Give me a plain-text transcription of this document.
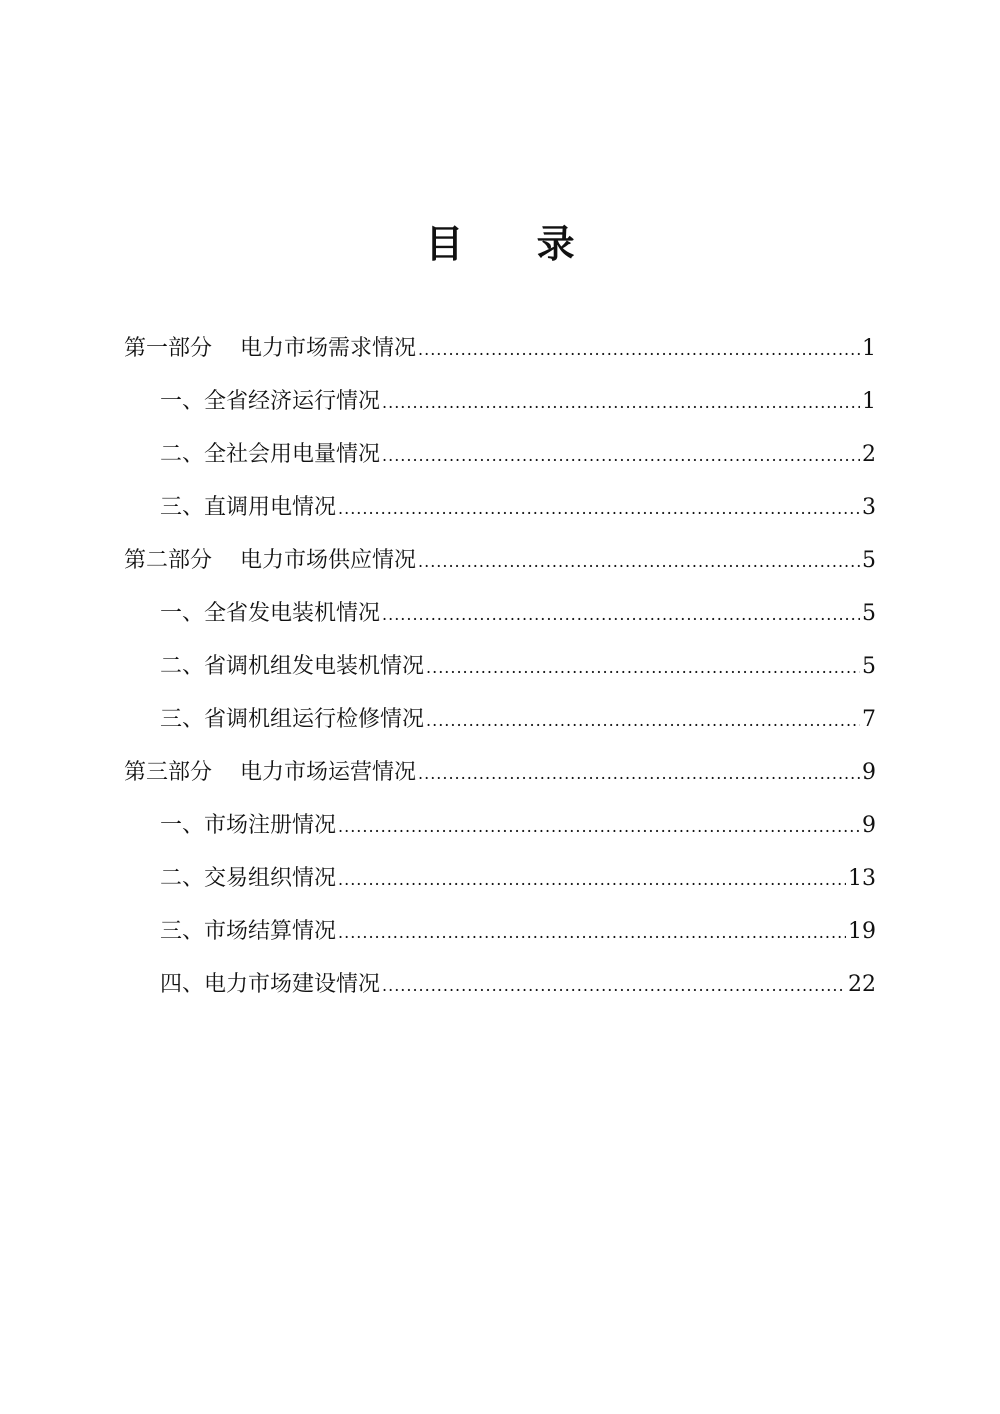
目 录
第一部分 电力市场需求情况 .....	1
一、全省经济运行情况 .....	1
二、全社会用电量情况 .....	2
三、直调用电情况 .....	3
第二部分 电力市场供应情况 .....	5
一、全省发电装机情况 .....	5
二、省调机组发电装机情况 .....	5
三、省调机组运行检修情况 .....	7
第三部分 电力市场运营情况 .....	9
一、市场注册情况 .....	9
二、交易组织情况 .....	13
三、市场结算情况 .....	19
四、电力市场建设情况 .....	22
